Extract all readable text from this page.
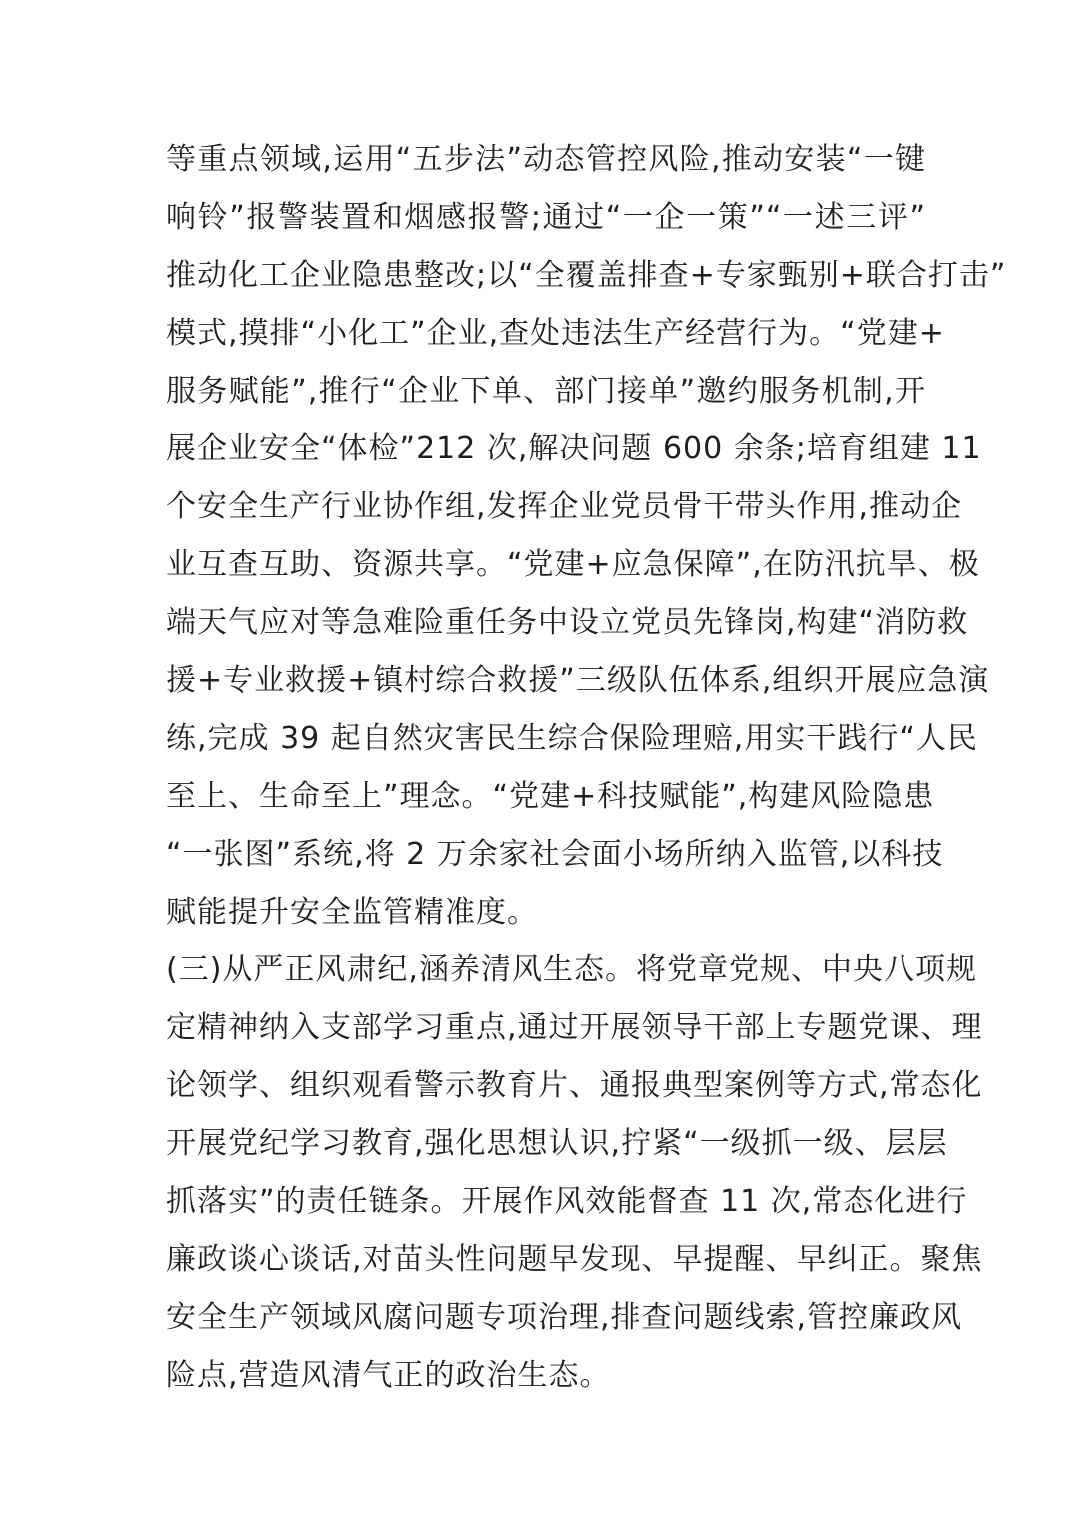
等重点领域,运用“五步法”动态管控风险,推动安装“一键
响铃”报警装置和烟感报警;通过“一企一策”“一述三评”
推动化工企业隐患整改;以“全覆盖排查+专家甄别+联合打击”
模式,摸排“小化工”企业,查处违法生产经营行为。“党建+
服务赋能”,推行“企业下单、部门接单”邀约服务机制,开
展企业安全“体检”212 次,解决问题 600 余条;培育组建 11
个安全生产行业协作组,发挥企业党员骨干带头作用,推动企
业互查互助、资源共享。“党建+应急保障”,在防汛抗旱、极
端天气应对等急难险重任务中设立党员先锋岗,构建“消防救
援+专业救援+镇村综合救援”三级队伍体系,组织开展应急演
练,完成 39 起自然灾害民生综合保险理赔,用实干践行“人民
至上、生命至上”理念。“党建+科技赋能”,构建风险隐患
“一张图”系统,将 2 万余家社会面小场所纳入监管,以科技
赋能提升安全监管精准度。
(三)从严正风肃纪,涵养清风生态。将党章党规、中央八项规
定精神纳入支部学习重点,通过开展领导干部上专题党课、理
论领学、组织观看警示教育片、通报典型案例等方式,常态化
开展党纪学习教育,强化思想认识,拧紧“一级抓一级、层层
抓落实”的责任链条。开展作风效能督查 11 次,常态化进行
廉政谈心谈话,对苗头性问题早发现、早提醒、早纠正。聚焦
安全生产领域风腐问题专项治理,排查问题线索,管控廉政风
险点,营造风清气正的政治生态。
